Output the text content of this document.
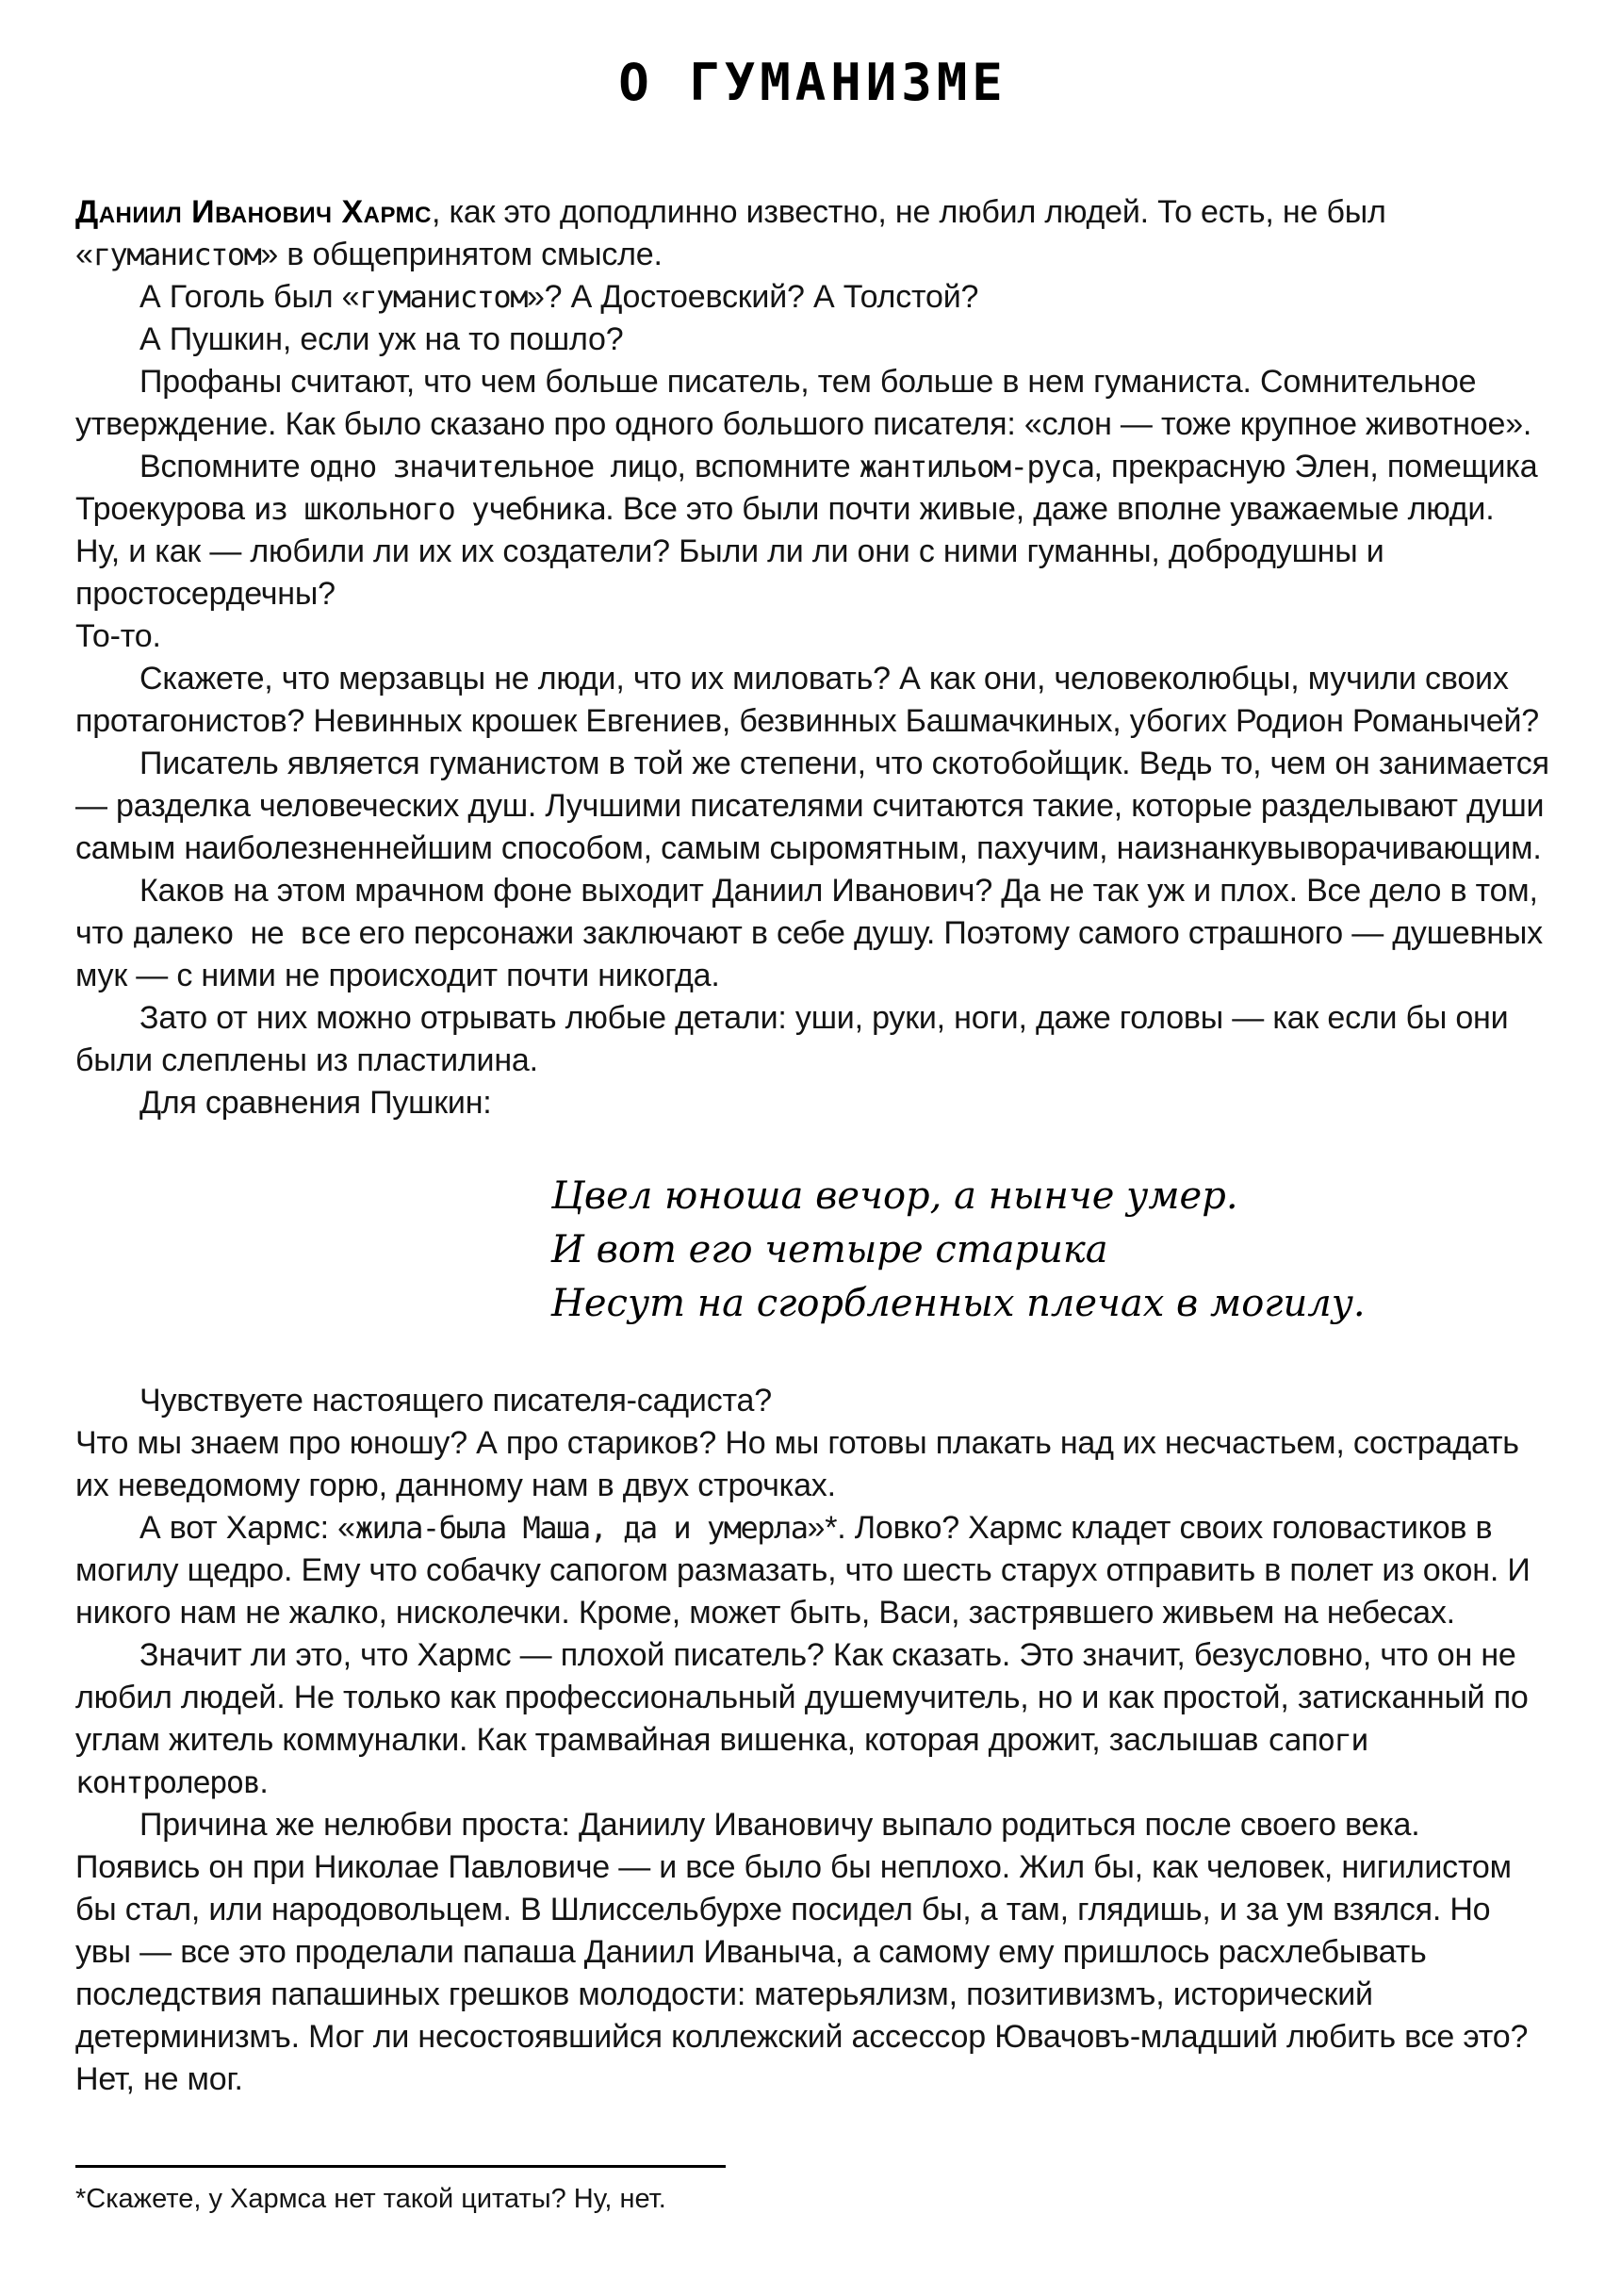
О ГУМАНИЗМЕ

Даниил Иванович Хармс, как это доподлинно известно, не любил людей. То есть, не был «гуманистом» в общепринятом смысле.

А Гоголь был «гуманистом»? А Достоевский? А Толстой?

А Пушкин, если уж на то пошло?

Профаны считают, что чем больше писатель, тем больше в нем гуманиста. Сомнительное утверждение. Как было сказано про одного большого писателя: «слон — тоже крупное животное».

Вспомните одно значительное лицо, вспомните жантильом-руса, прекрасную Элен, помещика Троекурова из школьного учебника. Все это были почти живые, даже вполне уважаемые люди.

Ну, и как — любили ли их их создатели? Были ли ли они с ними гуманны, добродушны и простосердечны?

То-то.

Скажете, что мерзавцы не люди, что их миловать? А как они, человеколюбцы, мучили своих протагонистов? Невинных крошек Евгениев, безвинных Башмачкиных, убогих Родион Романычей?

Писатель является гуманистом в той же степени, что скотобойщик. Ведь то, чем он занимается — разделка человеческих душ. Лучшими писателями считаются такие, которые разделывают души самым наиболезненнейшим способом, самым сыромятным, пахучим, наизнанкувыворачивающим.

Каков на этом мрачном фоне выходит Даниил Иванович? Да не так уж и плох. Все дело в том, что далеко не все его персонажи заключают в себе душу. Поэтому самого страшного — душевных мук — с ними не происходит почти никогда.

Зато от них можно отрывать любые детали: уши, руки, ноги, даже головы — как если бы они были слеплены из пластилина.

Для сравнения Пушкин:

Цвел юноша вечор, а нынче умер.
И вот его четыре старика
Несут на сгорбленных плечах в могилу.

Чувствуете настоящего писателя-садиста?

Что мы знаем про юношу? А про стариков? Но мы готовы плакать над их несчастьем, сострадать их неведомому горю, данному нам в двух строчках.

А вот Хармс: «жила-была Маша, да и умерла»*. Ловко? Хармс кладет своих головастиков в могилу щедро. Ему что собачку сапогом размазать, что шесть старух отправить в полет из окон. И никого нам не жалко, нисколечки. Кроме, может быть, Васи, застрявшего живьем на небесах.

Значит ли это, что Хармс — плохой писатель? Как сказать. Это значит, безусловно, что он не любил людей. Не только как профессиональный душемучитель, но и как простой, затисканный по углам житель коммуналки. Как трамвайная вишенка, которая дрожит, заслышав сапоги контролеров.

Причина же нелюбви проста: Даниилу Ивановичу выпало родиться после своего века. Появись он при Николае Павловиче — и все было бы неплохо. Жил бы, как человек, нигилистом бы стал, или народовольцем. В Шлиссельбурхе посидел бы, а там, глядишь, и за ум взялся. Но увы — все это проделали папаша Даниил Иваныча, а самому ему пришлось расхлебывать последствия папашиных грешков молодости: матерьялизм, позитивизмъ, исторический детерминизмъ. Мог ли несостоявшийся коллежский ассессор Ювачовъ-младший любить все это? Нет, не мог.

*Скажете, у Хармса нет такой цитаты? Ну, нет.
